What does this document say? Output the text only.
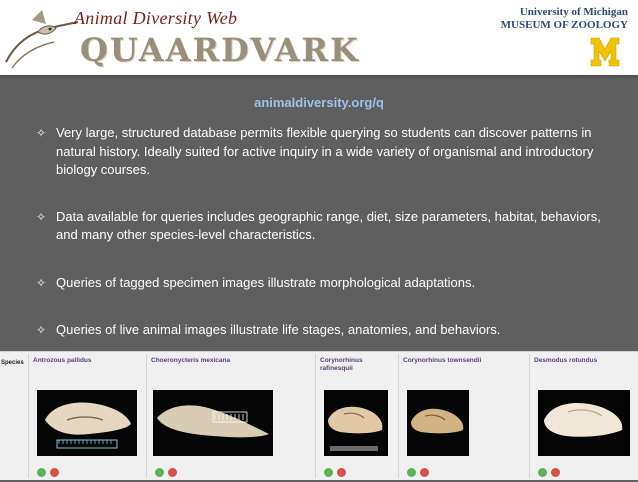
Animal Diversity Web
QUAARDVARK
University of Michigan
MUSEUM OF ZOOLOGY
animaldiversity.org/q
✧ Very large, structured database permits flexible querying so students can discover patterns in natural history. Ideally suited for active inquiry in a wide variety of organismal and introductory biology courses.
✧ Data available for queries includes geographic range, diet, size parameters, habitat, behaviors, and many other species-level characteristics.
✧ Queries of tagged specimen images illustrate morphological adaptations.
✧ Queries of live animal images illustrate life stages, anatomies, and behaviors.
Species	Antrozous pallidus	Choeronycteris mexicana	Corynorhinus rafinesquii
Corynorhinus townsendii	Desmodus rotundus
